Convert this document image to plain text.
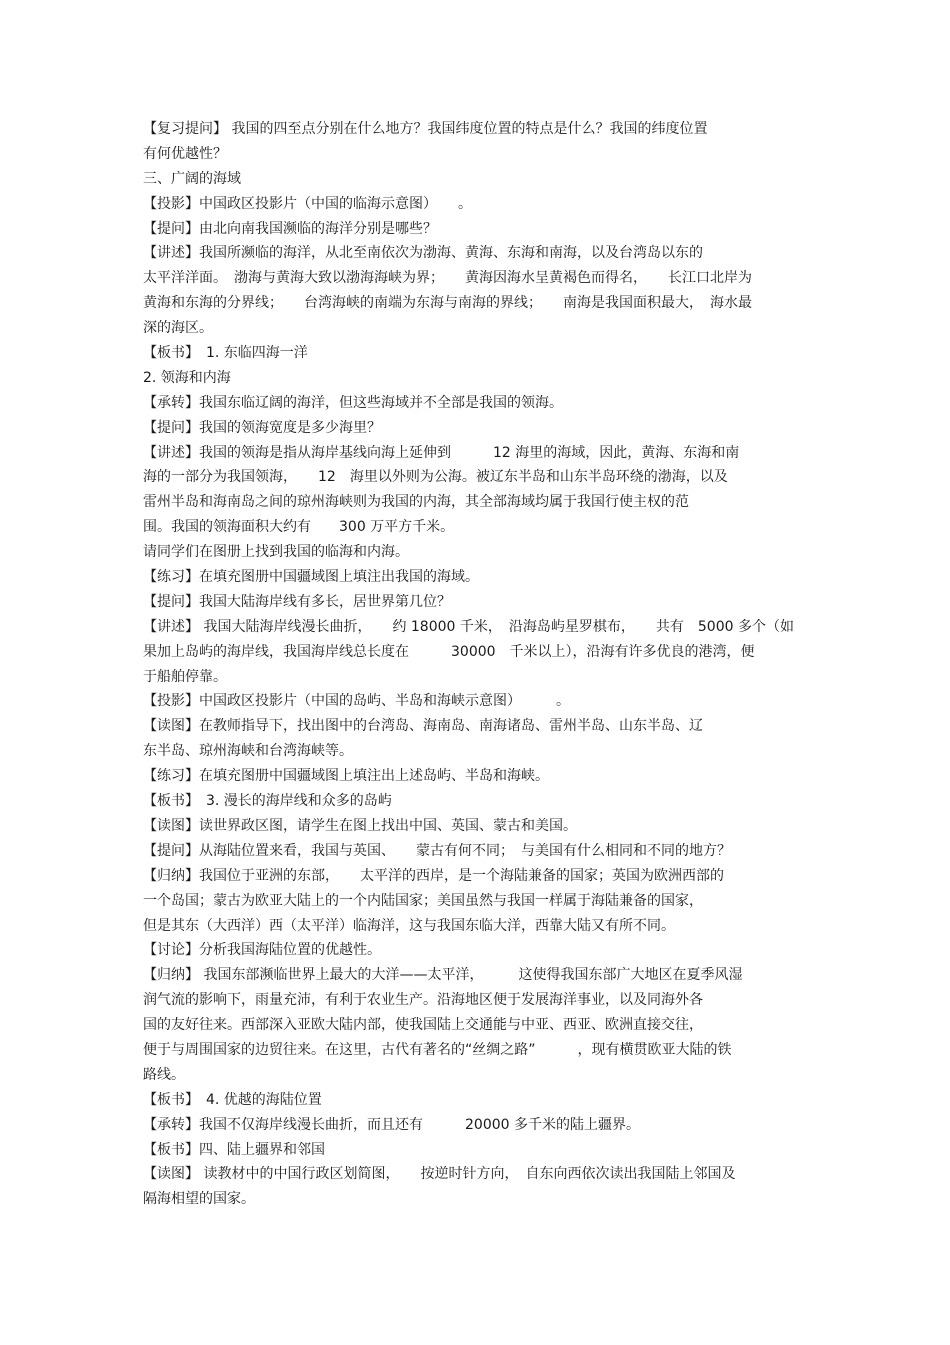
【复习提问】 我国的四至点分别在什么地方？我国纬度位置的特点是什么？我国的纬度位置
有何优越性？
三、广阔的海域
【投影】中国政区投影片（中国的临海示意图）　　。
【提问】由北向南我国濒临的海洋分别是哪些？
【讲述】我国所濒临的海洋，从北至南依次为渤海、黄海、东海和南海，以及台湾岛以东的
太平洋洋面。　渤海与黄海大致以渤海海峡为界；　　黄海因海水呈黄褐色而得名，　　长江口北岸为
黄海和东海的分界线；　　台湾海峡的南端为东海与南海的界线；　　南海是我国面积最大，　海水最
深的海区。
【板书】　1. 东临四海一洋
2. 领海和内海
【承转】我国东临辽阔的海洋，但这些海域并不全部是我国的领海。
【提问】我国的领海宽度是多少海里？
【讲述】我国的领海是指从海岸基线向海上延伸到　　　12 海里的海域，因此，黄海、东海和南
海的一部分为我国领海，　　12　海里以外则为公海。被辽东半岛和山东半岛环绕的渤海，以及
雷州半岛和海南岛之间的琼州海峡则为我国的内海，其全部海域均属于我国行使主权的范
围。我国的领海面积大约有　　300 万平方千米。
请同学们在图册上找到我国的临海和内海。
【练习】在填充图册中国疆域图上填注出我国的海域。
【提问】我国大陆海岸线有多长，居世界第几位？
【讲述】 我国大陆海岸线漫长曲折，　　约 18000 千米，　沿海岛屿星罗棋布，　　共有　5000 多个（如
果加上岛屿的海岸线，我国海岸线总长度在　　　30000　千米以上），沿海有许多优良的港湾，便
于船舶停靠。
【投影】中国政区投影片（中国的岛屿、半岛和海峡示意图）　　　。
【读图】在教师指导下，找出图中的台湾岛、海南岛、南海诸岛、雷州半岛、山东半岛、辽
东半岛、琼州海峡和台湾海峡等。
【练习】在填充图册中国疆域图上填注出上述岛屿、半岛和海峡。
【板书】　3. 漫长的海岸线和众多的岛屿
【读图】读世界政区图，请学生在图上找出中国、英国、蒙古和美国。
【提问】从海陆位置来看，我国与英国、　　蒙古有何不同；　与美国有什么相同和不同的地方？
【归纳】我国位于亚洲的东部，　　太平洋的西岸，是一个海陆兼备的国家；英国为欧洲西部的
一个岛国；蒙古为欧亚大陆上的一个内陆国家；美国虽然与我国一样属于海陆兼备的国家，
但是其东（大西洋）西（太平洋）临海洋，这与我国东临大洋，西靠大陆又有所不同。
【讨论】分析我国海陆位置的优越性。
【归纳】 我国东部濒临世界上最大的大洋——太平洋，　　　这使得我国东部广大地区在夏季风湿
润气流的影响下，雨量充沛，有利于农业生产。沿海地区便于发展海洋事业，以及同海外各
国的友好往来。西部深入亚欧大陆内部，使我国陆上交通能与中亚、西亚、欧洲直接交往，
便于与周围国家的边贸往来。在这里，古代有著名的“丝绸之路”　　　，现有横贯欧亚大陆的铁
路线。
【板书】　4. 优越的海陆位置
【承转】我国不仅海岸线漫长曲折，而且还有　　　20000 多千米的陆上疆界。
【板书】四、陆上疆界和邻国
【读图】 读教材中的中国行政区划简图，　　按逆时针方向，　自东向西依次读出我国陆上邻国及
隔海相望的国家。
